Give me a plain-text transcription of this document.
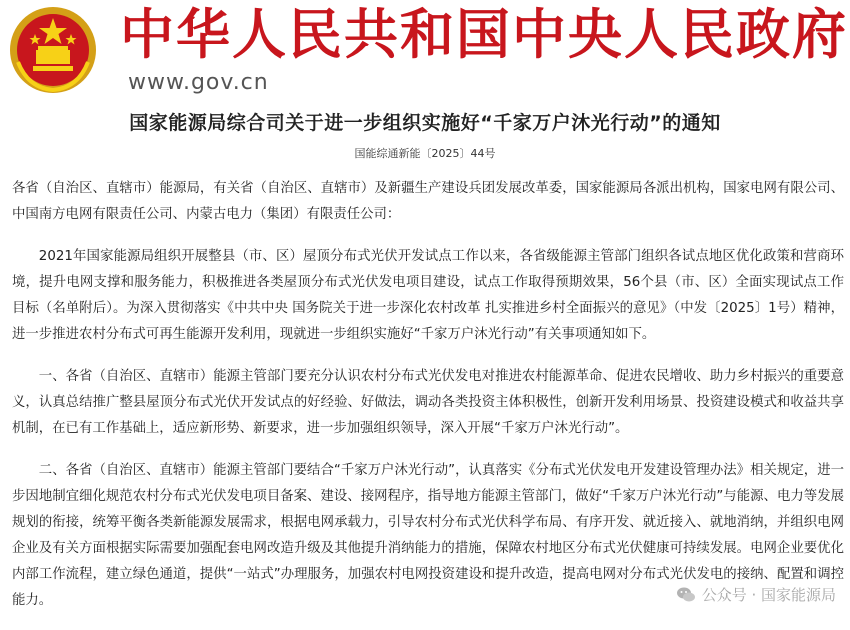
中华人民共和国中央人民政府
www.gov.cn
国家能源局综合司关于进一步组织实施好“千家万户沐光行动”的通知
国能综通新能〔2025〕44号

各省（自治区、直辖市）能源局，有关省（自治区、直辖市）及新疆生产建设兵团发展改革委，国家能源局各派出机构，国家电网有限公司、中国南方电网有限责任公司、内蒙古电力（集团）有限责任公司：

2021年国家能源局组织开展整县（市、区）屋顶分布式光伏开发试点工作以来，各省级能源主管部门组织各试点地区优化政策和营商环境，提升电网支撑和服务能力，积极推进各类屋顶分布式光伏发电项目建设，试点工作取得预期效果，56个县（市、区）全面实现试点工作目标（名单附后）。为深入贯彻落实《中共中央 国务院关于进一步深化农村改革 扎实推进乡村全面振兴的意见》（中发〔2025〕1号）精神，进一步推进农村分布式可再生能源开发利用，现就进一步组织实施好“千家万户沐光行动”有关事项通知如下。

一、各省（自治区、直辖市）能源主管部门要充分认识农村分布式光伏发电对推进农村能源革命、促进农民增收、助力乡村振兴的重要意义，认真总结推广整县屋顶分布式光伏开发试点的好经验、好做法，调动各类投资主体积极性，创新开发利用场景、投资建设模式和收益共享机制，在已有工作基础上，适应新形势、新要求，进一步加强组织领导，深入开展“千家万户沐光行动”。

二、各省（自治区、直辖市）能源主管部门要结合“千家万户沐光行动”，认真落实《分布式光伏发电开发建设管理办法》相关规定，进一步因地制宜细化规范农村分布式光伏发电项目备案、建设、接网程序，指导地方能源主管部门，做好“千家万户沐光行动”与能源、电力等发展规划的衔接，统筹平衡各类新能源发展需求，根据电网承载力，引导农村分布式光伏科学布局、有序开发、就近接入、就地消纳，并组织电网企业及有关方面根据实际需要加强配套电网改造升级及其他提升消纳能力的措施，保障农村地区分布式光伏健康可持续发展。电网企业要优化内部工作流程，建立绿色通道，提供“一站式”办理服务，加强农村电网投资建设和提升改造，提高电网对分布式光伏发电的接纳、配置和调控能力。	公众号 · 国家能源局
